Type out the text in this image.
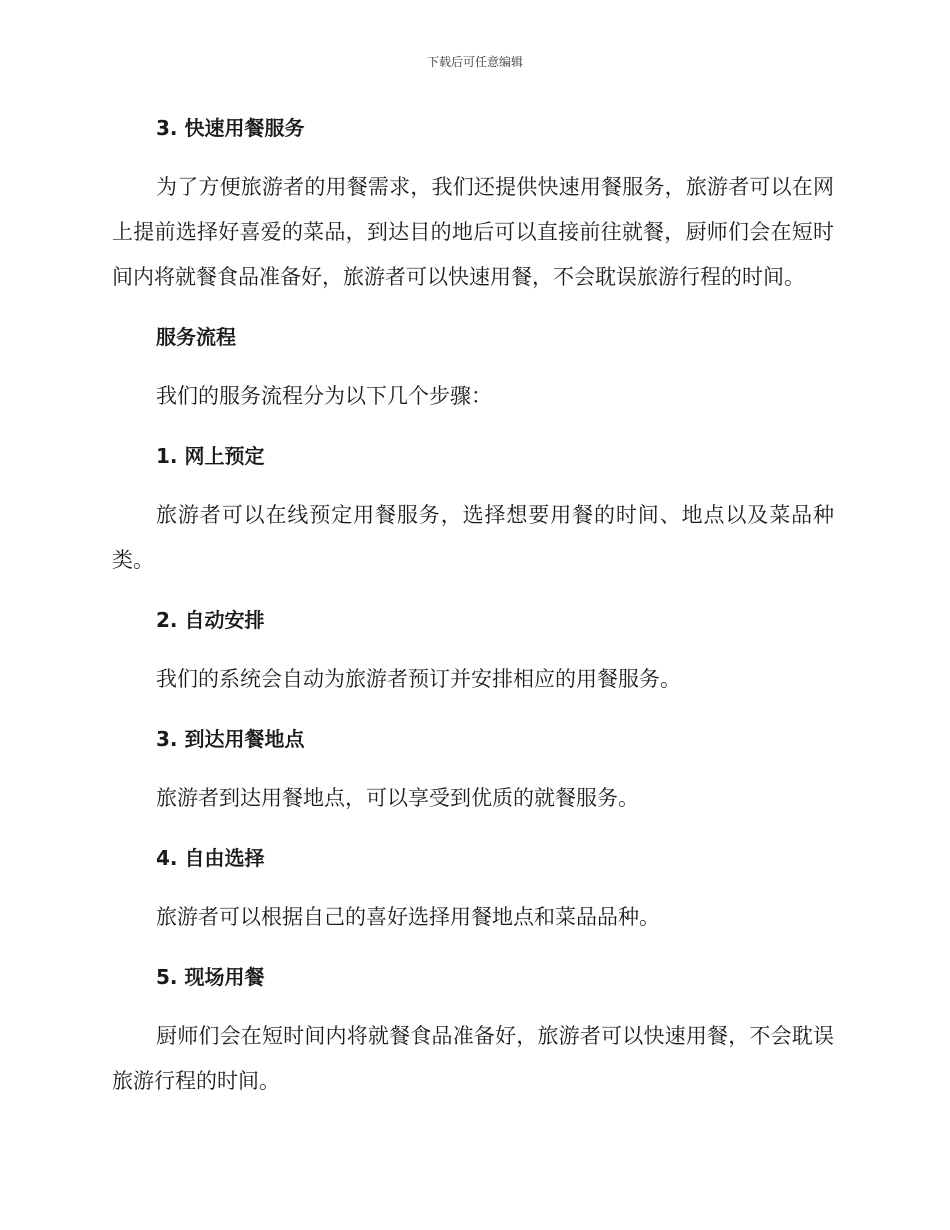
下载后可任意编辑
3. 快速用餐服务
为了方便旅游者的用餐需求，我们还提供快速用餐服务，旅游者可以在网上提前选择好喜爱的菜品，到达目的地后可以直接前往就餐，厨师们会在短时间内将就餐食品准备好，旅游者可以快速用餐，不会耽误旅游行程的时间。
服务流程
我们的服务流程分为以下几个步骤：
1. 网上预定
旅游者可以在线预定用餐服务，选择想要用餐的时间、地点以及菜品种类。
2. 自动安排
我们的系统会自动为旅游者预订并安排相应的用餐服务。
3. 到达用餐地点
旅游者到达用餐地点，可以享受到优质的就餐服务。
4. 自由选择
旅游者可以根据自己的喜好选择用餐地点和菜品品种。
5. 现场用餐
厨师们会在短时间内将就餐食品准备好，旅游者可以快速用餐，不会耽误旅游行程的时间。
